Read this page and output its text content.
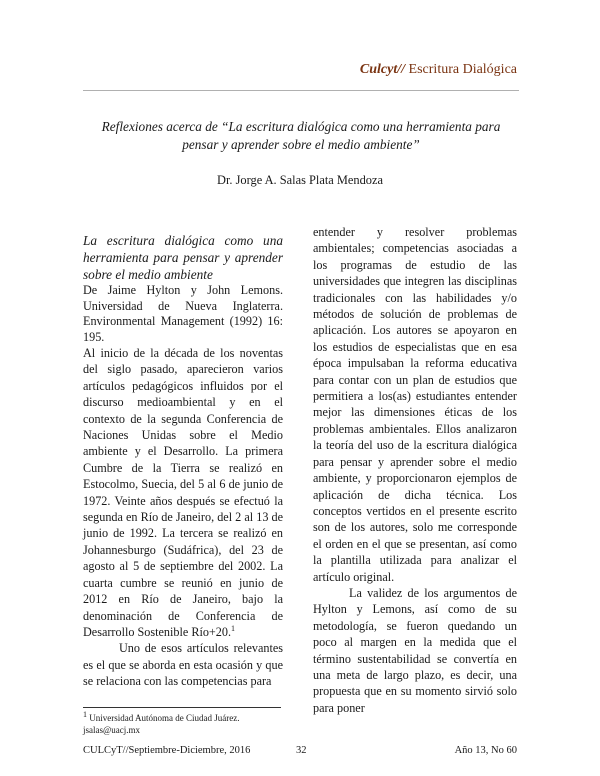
Culcyt// Escritura Dialógica
Reflexiones acerca de “La escritura dialógica como una herramienta para pensar y aprender sobre el medio ambiente”
Dr. Jorge A. Salas Plata Mendoza

La escritura dialógica como una herramienta para pensar y aprender sobre el medio ambiente

De Jaime Hylton y John Lemons. Universidad de Nueva Inglaterra. Environmental Management (1992) 16: 195.

Al inicio de la década de los noventas del siglo pasado, aparecieron varios artículos pedagógicos influidos por el discurso medioambiental y en el contexto de la segunda Conferencia de Naciones Unidas sobre el Medio ambiente y el Desarrollo. La primera Cumbre de la Tierra se realizó en Estocolmo, Suecia, del 5 al 6 de junio de 1972. Veinte años después se efectuó la segunda en Río de Janeiro, del 2 al 13 de junio de 1992. La tercera se realizó en Johannesburgo (Sudáfrica), del 23 de agosto al 5 de septiembre del 2002. La cuarta cumbre se reunió en junio de 2012 en Río de Janeiro, bajo la denominación de Conferencia de Desarrollo Sostenible Río+20.$^1$

Uno de esos artículos relevantes es el que se aborda en esta ocasión y que se relaciona con las competencias para

entender y resolver problemas ambientales; competencias asociadas a los programas de estudio de las universidades que integren las disciplinas tradicionales con las habilidades y/o métodos de solución de problemas de aplicación. Los autores se apoyaron en los estudios de especialistas que en esa época impulsaban la reforma educativa para contar con un plan de estudios que permitiera a los(as) estudiantes entender mejor las dimensiones éticas de los problemas ambientales. Ellos analizaron la teoría del uso de la escritura dialógica para pensar y aprender sobre el medio ambiente, y proporcionaron ejemplos de aplicación de dicha técnica. Los conceptos vertidos en el presente escrito son de los autores, solo me corresponde el orden en el que se presentan, así como la plantilla utilizada para analizar el artículo original.

La validez de los argumentos de Hylton y Lemons, así como de su metodología, se fueron quedando un poco al margen en la medida que el término sustentabilidad se convertía en una meta de largo plazo, es decir, una propuesta que en su momento sirvió solo para poner

$^1$ Universidad Autónoma de Ciudad Juárez.
jsalas@uacj.mx
CULCyT//Septiembre-Diciembre, 2016	32	Año 13, No 60
